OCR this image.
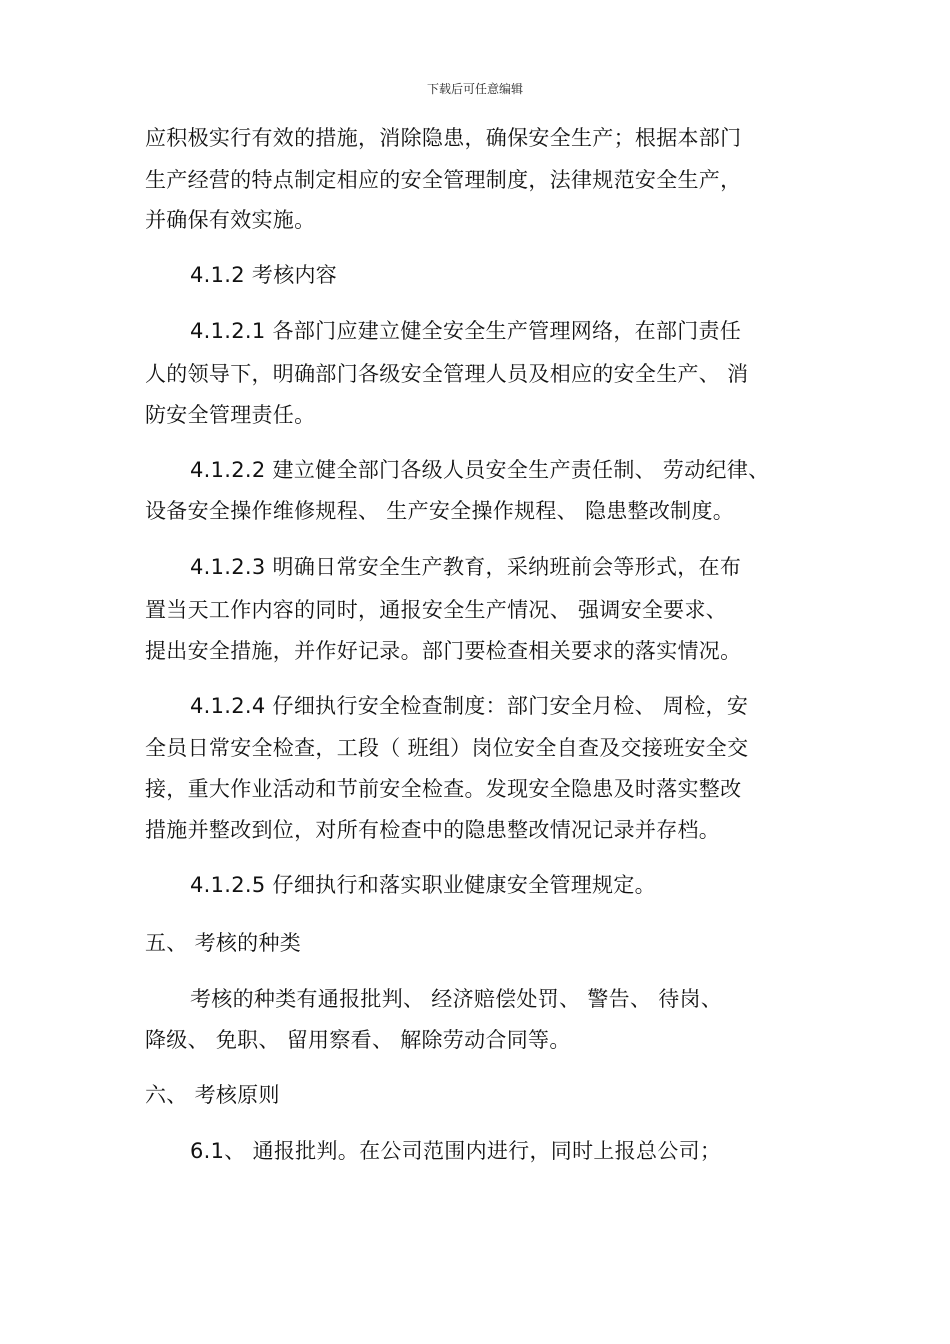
下载后可任意编辑
应积极实行有效的措施，消除隐患，确保安全生产；根据本部门
生产经营的特点制定相应的安全管理制度，法律规范安全生产，
并确保有效实施。
4.1.2 考核内容
4.1.2.1 各部门应建立健全安全生产管理网络，在部门责任
人的领导下，明确部门各级安全管理人员及相应的安全生产、 消
防安全管理责任。
4.1.2.2 建立健全部门各级人员安全生产责任制、 劳动纪律、
设备安全操作维修规程、 生产安全操作规程、 隐患整改制度。
4.1.2.3 明确日常安全生产教育，采纳班前会等形式，在布
置当天工作内容的同时，通报安全生产情况、 强调安全要求、
提出安全措施，并作好记录。部门要检查相关要求的落实情况。
4.1.2.4 仔细执行安全检查制度：部门安全月检、 周检，安
全员日常安全检查，工段（ 班组）岗位安全自查及交接班安全交
接，重大作业活动和节前安全检查。发现安全隐患及时落实整改
措施并整改到位，对所有检查中的隐患整改情况记录并存档。
4.1.2.5 仔细执行和落实职业健康安全管理规定。
五、 考核的种类
考核的种类有通报批判、 经济赔偿处罚、 警告、 待岗、
降级、 免职、 留用察看、 解除劳动合同等。
六、 考核原则
6.1、 通报批判。在公司范围内进行，同时上报总公司；
